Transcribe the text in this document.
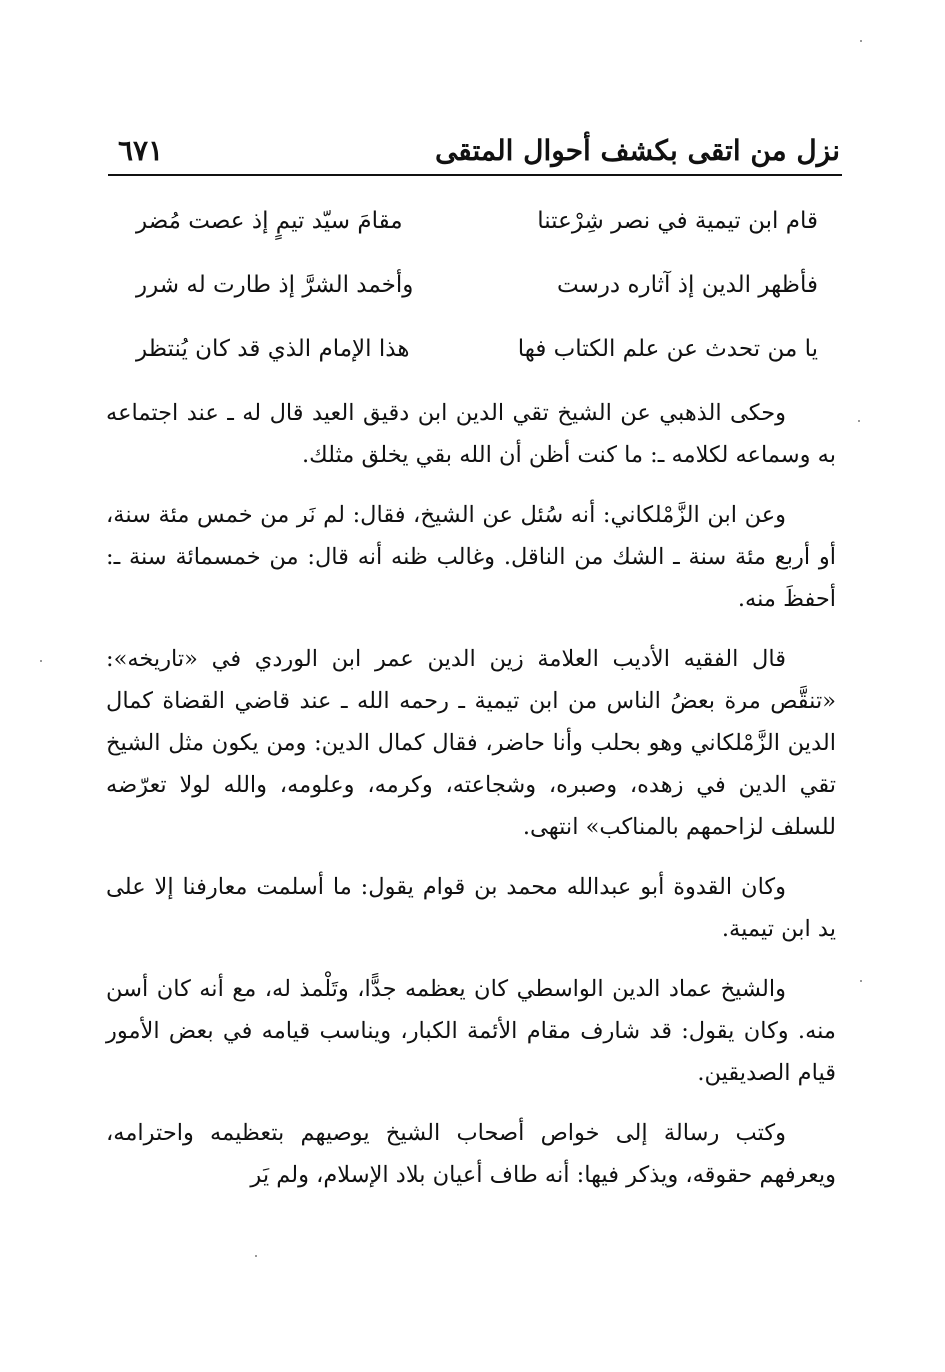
نزل من اتقى بكشف أحوال المتقى
٦٧١
قام ابن تيمية في نصر شِرْعتنا
مقامَ سيّد تيمٍ إذ عصت مُضر
فأظهر الدين إذ آثاره درست
وأخمد الشرَّ إذ طارت له شرر
يا من تحدث عن علم الكتاب فها
هذا الإمام الذي قد كان يُنتظر

وحكى الذهبي عن الشيخ تقي الدين ابن دقيق العيد قال له ـ عند اجتماعه به وسماعه لكلامه ـ: ما كنت أظن أن الله بقي يخلق مثلك.

وعن ابن الزَّمْلكاني: أنه سُئل عن الشيخ، فقال: لم نَر من خمس مئة سنة، أو أربع مئة سنة ـ الشك من الناقل. وغالب ظنه أنه قال: من خمسمائة سنة ـ: أحفظَ منه.

قال الفقيه الأديب العلامة زين الدين عمر ابن الوردي في «تاريخه»: «تنقَّص مرة بعضُ الناس من ابن تيمية ـ رحمه الله ـ عند قاضي القضاة كمال الدين الزَّمْلكاني وهو بحلب وأنا حاضر، فقال كمال الدين: ومن يكون مثل الشيخ تقي الدين في زهده، وصبره، وشجاعته، وكرمه، وعلومه، والله لولا تعرّضه للسلف لزاحمهم بالمناكب» انتهى.

وكان القدوة أبو عبدالله محمد بن قوام يقول: ما أسلمت معارفنا إلا على يد ابن تيمية.

والشيخ عماد الدين الواسطي كان يعظمه جدًّا، وتَلْمذ له، مع أنه كان أسن منه. وكان يقول: قد شارف مقام الأئمة الكبار، ويناسب قيامه في بعض الأمور قيام الصديقين.

وكتب رسالة إلى خواص أصحاب الشيخ يوصيهم بتعظيمه واحترامه، ويعرفهم حقوقه، ويذكر فيها: أنه طاف أعيان بلاد الإسلام، ولم يَر
